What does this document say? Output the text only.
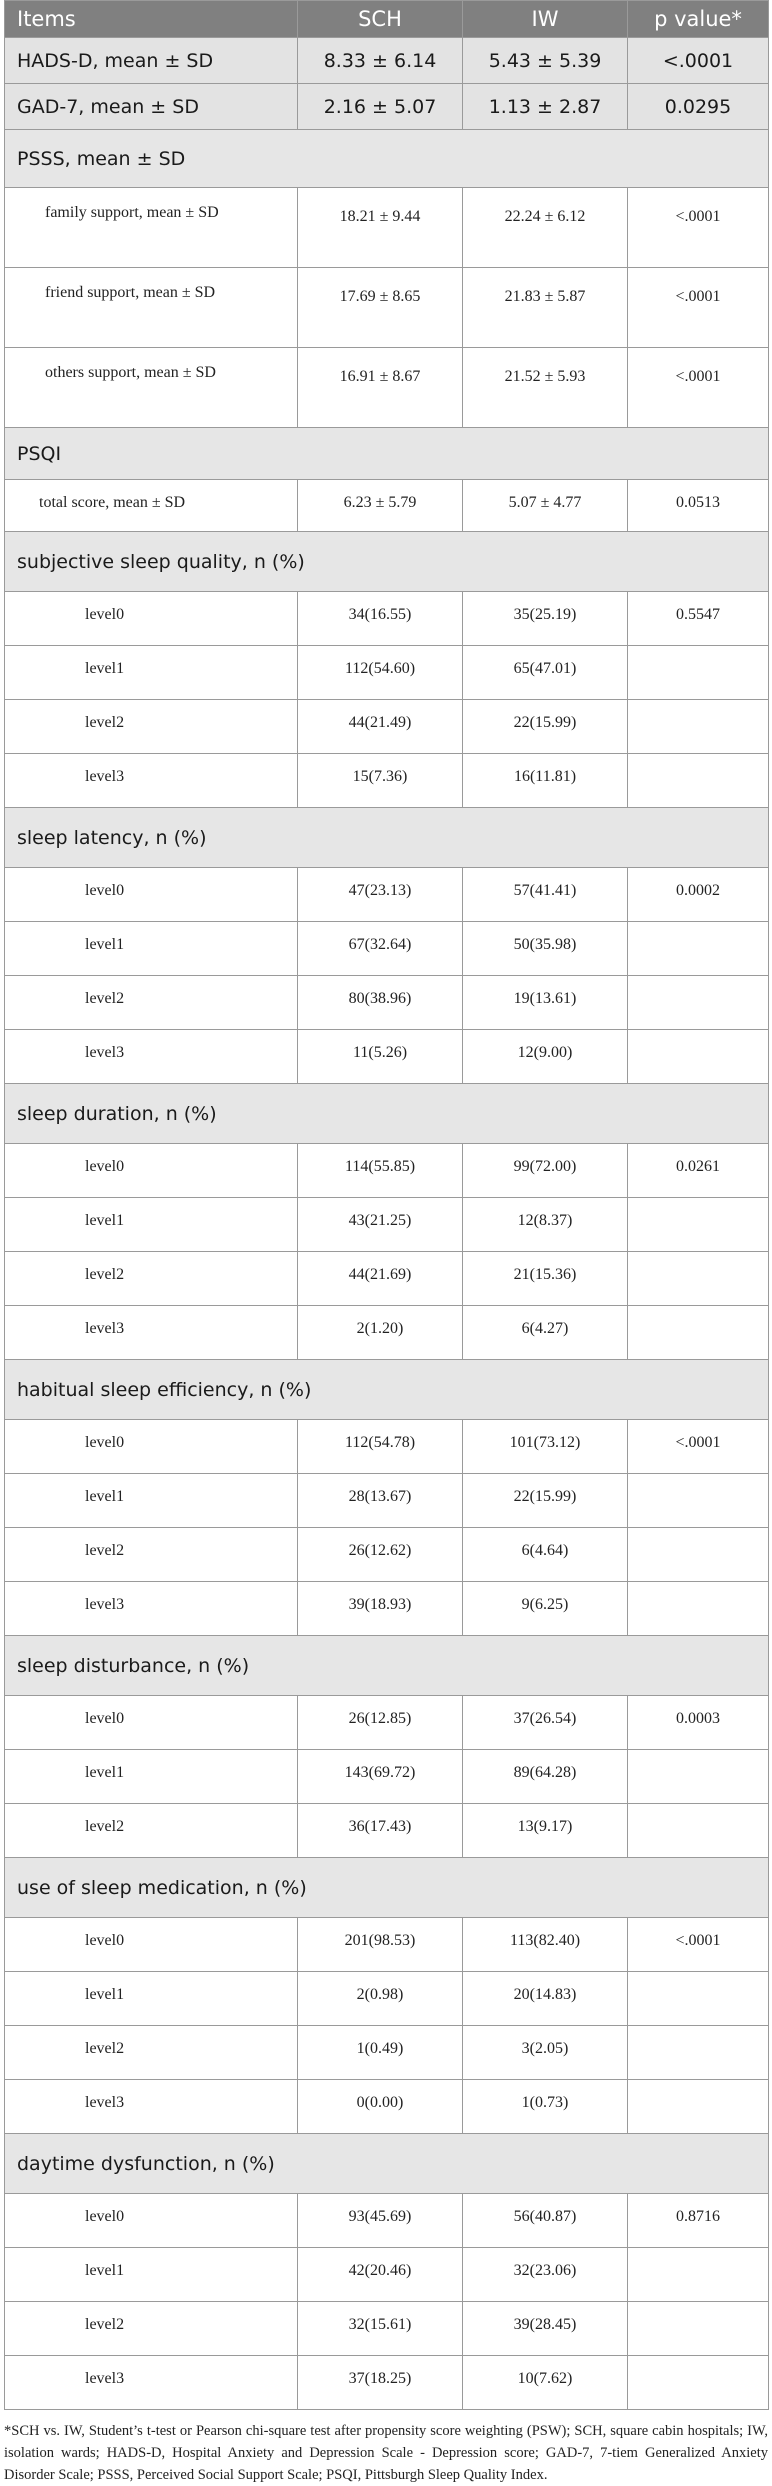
Items	SCH	IW	p value*
HADS-D, mean ± SD	8.33 ± 6.14	5.43 ± 5.39	<.0001
GAD-7, mean ± SD	2.16 ± 5.07	1.13 ± 2.87	0.0295
PSSS, mean ± SD			
family support, mean ± SD	18.21 ± 9.44	22.24 ± 6.12	<.0001
friend support, mean ± SD	17.69 ± 8.65	21.83 ± 5.87	<.0001
others support, mean ± SD	16.91 ± 8.67	21.52 ± 5.93	<.0001
PSQI			
total score, mean ± SD	6.23 ± 5.79	5.07 ± 4.77	0.0513
subjective sleep quality, n (%)			
level0	34(16.55)	35(25.19)	0.5547
level1	112(54.60)	65(47.01)	
level2	44(21.49)	22(15.99)	
level3	15(7.36)	16(11.81)	
sleep latency, n (%)			
level0	47(23.13)	57(41.41)	0.0002
level1	67(32.64)	50(35.98)	
level2	80(38.96)	19(13.61)	
level3	11(5.26)	12(9.00)	
sleep duration, n (%)			
level0	114(55.85)	99(72.00)	0.0261
level1	43(21.25)	12(8.37)	
level2	44(21.69)	21(15.36)	
level3	2(1.20)	6(4.27)	
habitual sleep efficiency, n (%)			
level0	112(54.78)	101(73.12)	<.0001
level1	28(13.67)	22(15.99)	
level2	26(12.62)	6(4.64)	
level3	39(18.93)	9(6.25)	
sleep disturbance, n (%)			
level0	26(12.85)	37(26.54)	0.0003
level1	143(69.72)	89(64.28)	
level2	36(17.43)	13(9.17)	
use of sleep medication, n (%)			
level0	201(98.53)	113(82.40)	<.0001
level1	2(0.98)	20(14.83)	
level2	1(0.49)	3(2.05)	
level3	0(0.00)	1(0.73)	
daytime dysfunction, n (%)			
level0	93(45.69)	56(40.87)	0.8716
level1	42(20.46)	32(23.06)	
level2	32(15.61)	39(28.45)	
level3	37(18.25)	10(7.62)	
*SCH vs. IW, Student’s t-test or Pearson chi-square test after propensity score weighting (PSW); SCH, square cabin hospitals; IW, isolation wards; HADS-D, Hospital Anxiety and Depression Scale - Depression score; GAD-7, 7-tiem Generalized Anxiety Disorder Scale; PSSS, Perceived Social Support Scale; PSQI, Pittsburgh Sleep Quality Index.
